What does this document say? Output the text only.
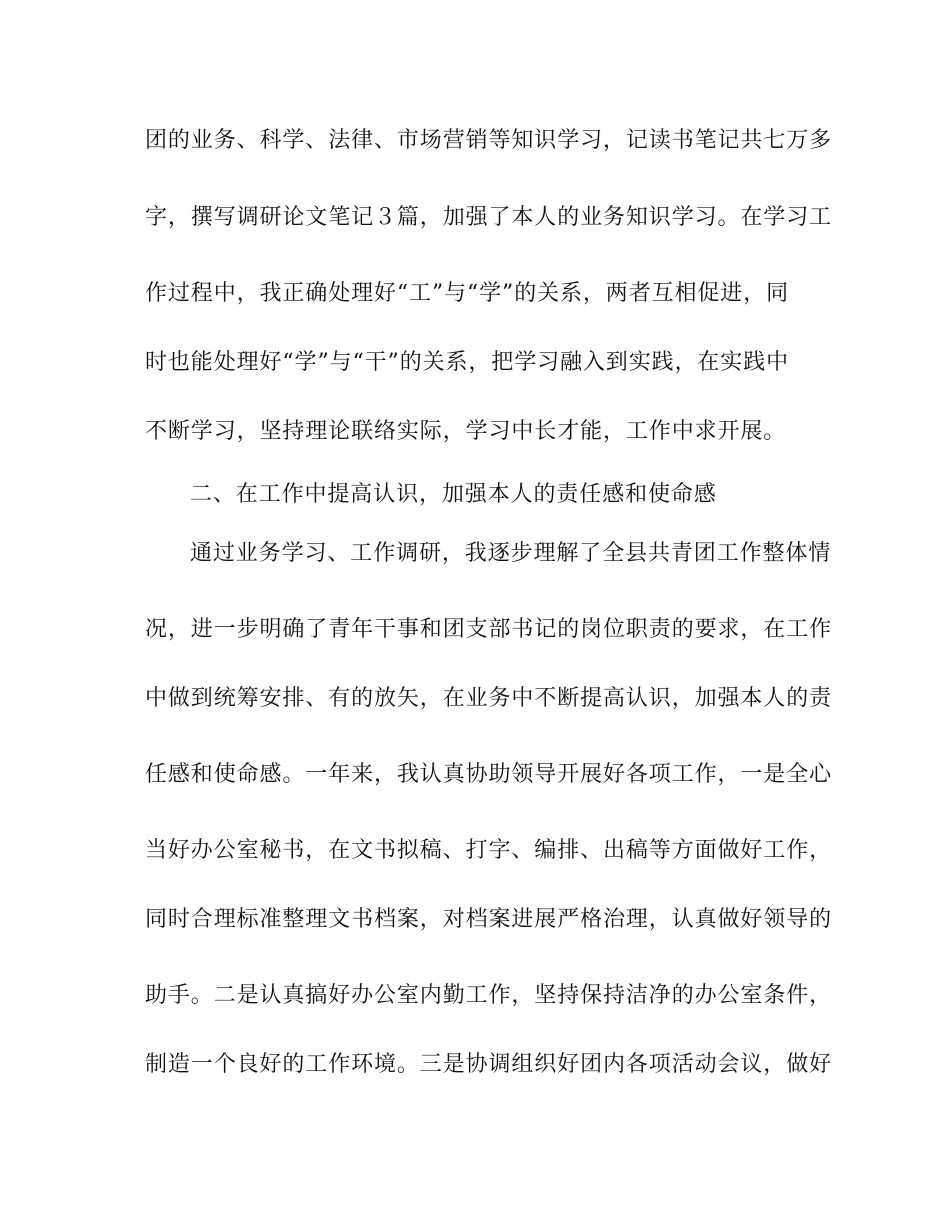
团的业务、科学、法律、市场营销等知识学习，记读书笔记共七万多
字，撰写调研论文笔记３篇，加强了本人的业务知识学习。在学习工
作过程中，我正确处理好“工”与“学”的关系，两者互相促进，同
时也能处理好“学”与“干”的关系，把学习融入到实践，在实践中
不断学习，坚持理论联络实际，学习中长才能，工作中求开展。
二、在工作中提高认识，加强本人的责任感和使命感
通过业务学习、工作调研，我逐步理解了全县共青团工作整体情
况，进一步明确了青年干事和团支部书记的岗位职责的要求，在工作
中做到统筹安排、有的放矢，在业务中不断提高认识，加强本人的责
任感和使命感。一年来，我认真协助领导开展好各项工作，一是全心
当好办公室秘书，在文书拟稿、打字、编排、出稿等方面做好工作，
同时合理标准整理文书档案，对档案进展严格治理，认真做好领导的
助手。二是认真搞好办公室内勤工作，坚持保持洁净的办公室条件，
制造一个良好的工作环境。三是协调组织好团内各项活动会议，做好
